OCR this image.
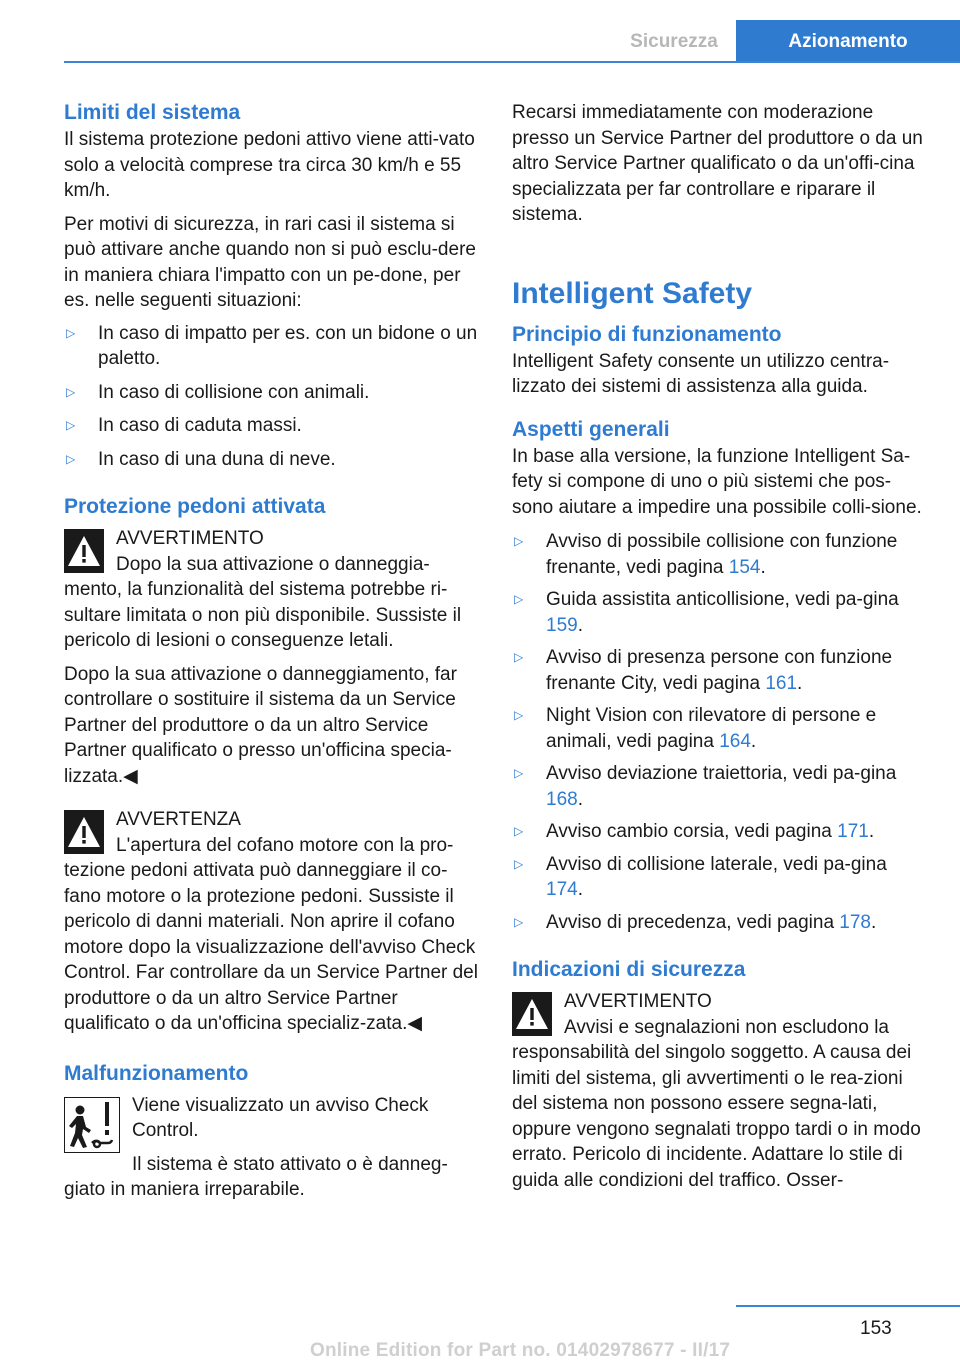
Sicurezza	Azionamento
Limiti del sistema

Il sistema protezione pedoni attivo viene atti-vato solo a velocità comprese tra circa 30 km/h e 55 km/h.

Per motivi di sicurezza, in rari casi il sistema si può attivare anche quando non si può esclu-dere in maniera chiara l'impatto con un pe-done, per es. nelle seguenti situazioni:

▷ In caso di impatto per es. con un bidone o un paletto.
▷ In caso di collisione con animali.
▷ In caso di caduta massi.
▷ In caso di una duna di neve.
Protezione pedoni attivata

AVVERTIMENTO

Dopo la sua attivazione o danneggia-mento, la funzionalità del sistema potrebbe ri-sultare limitata o non più disponibile. Sussiste il pericolo di lesioni o conseguenze letali.

Dopo la sua attivazione o danneggiamento, far controllare o sostituire il sistema da un Service Partner del produttore o da un altro Service Partner qualificato o presso un'officina specia-lizzata.◀

AVVERTENZA

L'apertura del cofano motore con la pro-tezione pedoni attivata può danneggiare il co-fano motore o la protezione pedoni. Sussiste il pericolo di danni materiali. Non aprire il cofano motore dopo la visualizzazione dell'avviso Check Control. Far controllare da un Service Partner del produttore o da un altro Service Partner qualificato o da un'officina specializ-zata.◀

Malfunzionamento

Viene visualizzato un avviso Check Control.

Il sistema è stato attivato o è danneg-giato in maniera irreparabile.

Recarsi immediatamente con moderazione presso un Service Partner del produttore o da un altro Service Partner qualificato o da un'offi-cina specializzata per far controllare e riparare il sistema.

Intelligent Safety
Principio di funzionamento

Intelligent Safety consente un utilizzo centra-lizzato dei sistemi di assistenza alla guida.

Aspetti generali

In base alla versione, la funzione Intelligent Sa-fety si compone di uno o più sistemi che pos-sono aiutare a impedire una possibile colli-sione.

▷ Avviso di possibile collisione con funzione frenante, vedi pagina 154.
▷ Guida assistita anticollisione, vedi pa-gina 159.
▷ Avviso di presenza persone con funzione frenante City, vedi pagina 161.
▷ Night Vision con rilevatore di persone e animali, vedi pagina 164.
▷ Avviso deviazione traiettoria, vedi pa-gina 168.
▷ Avviso cambio corsia, vedi pagina 171.
▷ Avviso di collisione laterale, vedi pa-gina 174.
▷ Avviso di precedenza, vedi pagina 178.
Indicazioni di sicurezza

AVVERTIMENTO

Avvisi e segnalazioni non escludono la responsabilità del singolo soggetto. A causa dei limiti del sistema, gli avvertimenti o le rea-zioni del sistema non possono essere segna-lati, oppure vengono segnalati troppo tardi o in modo errato. Pericolo di incidente. Adattare lo stile di guida alle condizioni del traffico. Osser-

153
Online Edition for Part no. 01402978677 - II/17
